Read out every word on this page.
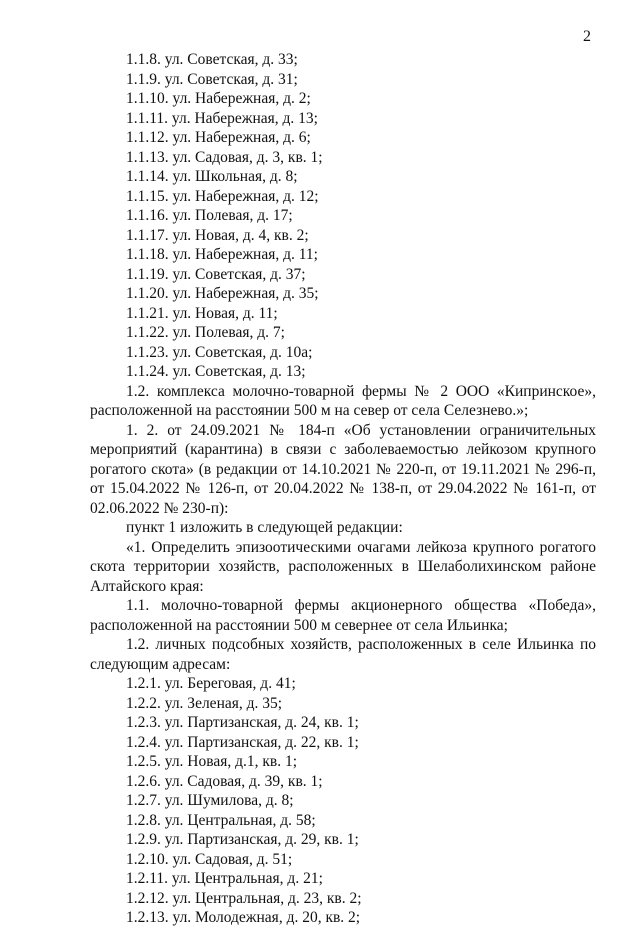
2
1.1.8. ул. Советская, д. 33;
1.1.9. ул. Советская, д. 31;
1.1.10. ул. Набережная, д. 2;
1.1.11. ул. Набережная, д. 13;
1.1.12. ул. Набережная, д. 6;
1.1.13. ул. Садовая, д. 3, кв. 1;
1.1.14. ул. Школьная, д. 8;
1.1.15. ул. Набережная, д. 12;
1.1.16. ул. Полевая, д. 17;
1.1.17. ул. Новая, д. 4, кв. 2;
1.1.18. ул. Набережная, д. 11;
1.1.19. ул. Советская, д. 37;
1.1.20. ул. Набережная, д. 35;
1.1.21. ул. Новая, д. 11;
1.1.22. ул. Полевая, д. 7;
1.1.23. ул. Советская, д. 10а;
1.1.24. ул. Советская, д. 13;
1.2. комплекса молочно-товарной фермы № 2 ООО «Кипринское», расположенной на расстоянии 500 м на север от села Селезнево.»;
1. 2. от 24.09.2021 № 184-п «Об установлении ограничительных мероприятий (карантина) в связи с заболеваемостью лейкозом крупного рогатого скота» (в редакции от 14.10.2021 № 220-п, от 19.11.2021 № 296-п, от 15.04.2022 № 126-п, от 20.04.2022 № 138-п, от 29.04.2022 № 161-п, от 02.06.2022 № 230-п):
пункт 1 изложить в следующей редакции:
«1. Определить эпизоотическими очагами лейкоза крупного рогатого скота территории хозяйств, расположенных в Шелаболихинском районе Алтайского края:
1.1. молочно-товарной фермы акционерного общества «Победа», расположенной на расстоянии 500 м севернее от села Ильинка;
1.2. личных подсобных хозяйств, расположенных в селе Ильинка по следующим адресам:
1.2.1. ул. Береговая, д. 41;
1.2.2. ул. Зеленая, д. 35;
1.2.3. ул. Партизанская, д. 24, кв. 1;
1.2.4. ул. Партизанская, д. 22, кв. 1;
1.2.5. ул. Новая, д.1, кв. 1;
1.2.6. ул. Садовая, д. 39, кв. 1;
1.2.7. ул. Шумилова, д. 8;
1.2.8. ул. Центральная, д. 58;
1.2.9. ул. Партизанская, д. 29, кв. 1;
1.2.10. ул. Садовая, д. 51;
1.2.11. ул. Центральная, д. 21;
1.2.12. ул. Центральная, д. 23, кв. 2;
1.2.13. ул. Молодежная, д. 20, кв. 2;
